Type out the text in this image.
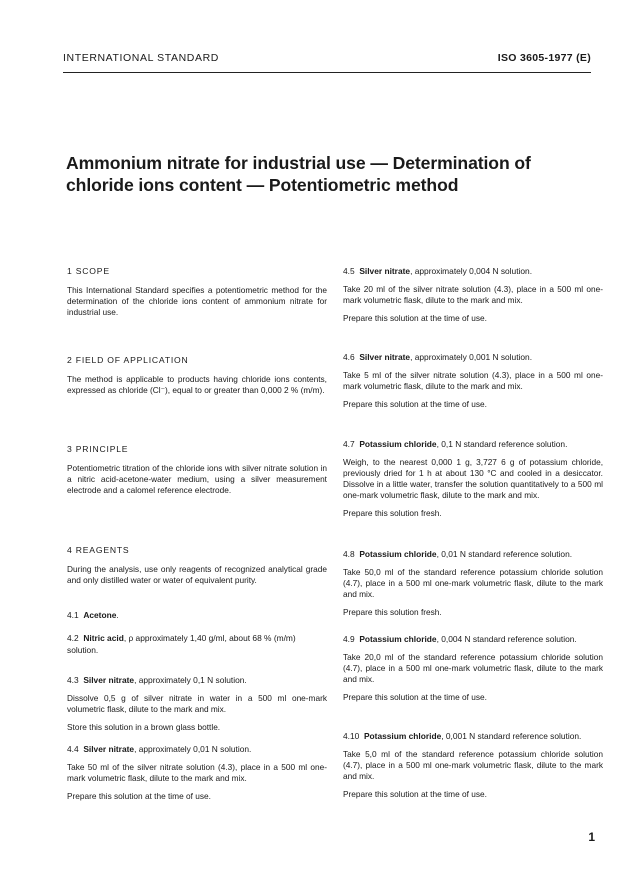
INTERNATIONAL STANDARD	ISO 3605-1977 (E)
Ammonium nitrate for industrial use — Determination of
chloride ions content — Potentiometric method
1 SCOPE

This International Standard specifies a potentiometric method for the determination of the chloride ions content of ammonium nitrate for industrial use.

2 FIELD OF APPLICATION

The method is applicable to products having chloride ions contents, expressed as chloride (Cl⁻), equal to or greater than 0,000 2 % (m/m).

3 PRINCIPLE

Potentiometric titration of the chloride ions with silver nitrate solution in a nitric acid-acetone-water medium, using a silver measurement electrode and a calomel reference electrode.

4 REAGENTS

During the analysis, use only reagents of recognized analytical grade and only distilled water or water of equivalent purity.

4.1 Acetone.
4.2 Nitric acid, ρ approximately 1,40 g/ml, about 68 % (m/m) solution.
4.3 Silver nitrate, approximately 0,1 N solution.

Dissolve 0,5 g of silver nitrate in water in a 500 ml one-mark volumetric flask, dilute to the mark and mix.

Store this solution in a brown glass bottle.

4.4 Silver nitrate, approximately 0,01 N solution.

Take 50 ml of the silver nitrate solution (4.3), place in a 500 ml one-mark volumetric flask, dilute to the mark and mix.

Prepare this solution at the time of use.

4.5 Silver nitrate, approximately 0,004 N solution.

Take 20 ml of the silver nitrate solution (4.3), place in a 500 ml one-mark volumetric flask, dilute to the mark and mix.

Prepare this solution at the time of use.

4.6 Silver nitrate, approximately 0,001 N solution.

Take 5 ml of the silver nitrate solution (4.3), place in a 500 ml one-mark volumetric flask, dilute to the mark and mix.

Prepare this solution at the time of use.

4.7 Potassium chloride, 0,1 N standard reference solution.

Weigh, to the nearest 0,000 1 g, 3,727 6 g of potassium chloride, previously dried for 1 h at about 130 °C and cooled in a desiccator. Dissolve in a little water, transfer the solution quantitatively to a 500 ml one-mark volumetric flask, dilute to the mark and mix.

Prepare this solution fresh.

4.8 Potassium chloride, 0,01 N standard reference solution.

Take 50,0 ml of the standard reference potassium chloride solution (4.7), place in a 500 ml one-mark volumetric flask, dilute to the mark and mix.

Prepare this solution fresh.

4.9 Potassium chloride, 0,004 N standard reference solution.

Take 20,0 ml of the standard reference potassium chloride solution (4.7), place in a 500 ml one-mark volumetric flask, dilute to the mark and mix.

Prepare this solution at the time of use.

4.10 Potassium chloride, 0,001 N standard reference solution.

Take 5,0 ml of the standard reference potassium chloride solution (4.7), place in a 500 ml one-mark volumetric flask, dilute to the mark and mix.

Prepare this solution at the time of use.

1
